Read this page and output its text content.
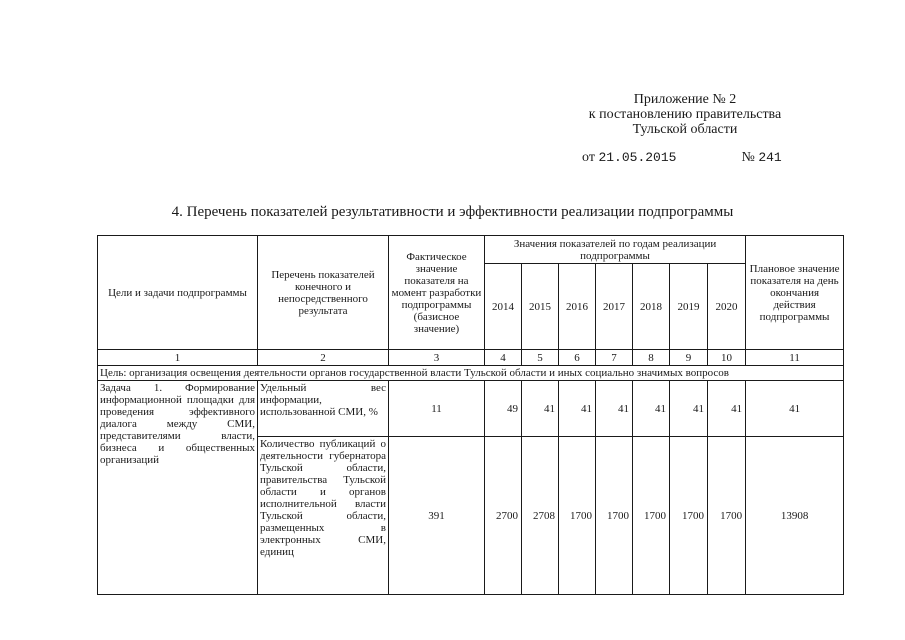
Приложение № 2
к постановлению правительства
Тульской области
от 21.05.2015	№ 241
4. Перечень показателей результативности и эффективности реализации подпрограммы
Цели и задачи подпрограммы	Перечень показателей конечного и непосредственного результата	Фактическое значение показателя на момент разработки подпрограммы (базисное значение)	Значения показателей по годам реализации подпрограммы							Плановое значение показателя на день окончания действия подпрограммы
			2014	2015	2016	2017	2018	2019	2020	
1	2	3	4	5	6	7	8	9	10	11
Цель: организация освещения деятельности органов государственной власти Тульской области и иных социально значимых вопросов										
Задача 1. Формирование информационной площадки для проведения эффективного диалога между СМИ, представителями власти, бизнеса и общественных организаций	Удельный вес информации, использованной СМИ, %	11	49	41	41	41	41	41	41	41
	Количество публикаций о деятельности губернатора Тульской области, правительства Тульской области и органов исполнительной власти Тульской области, размещенных в электронных СМИ, единиц	391	2700	2708	1700	1700	1700	1700	1700	13908
